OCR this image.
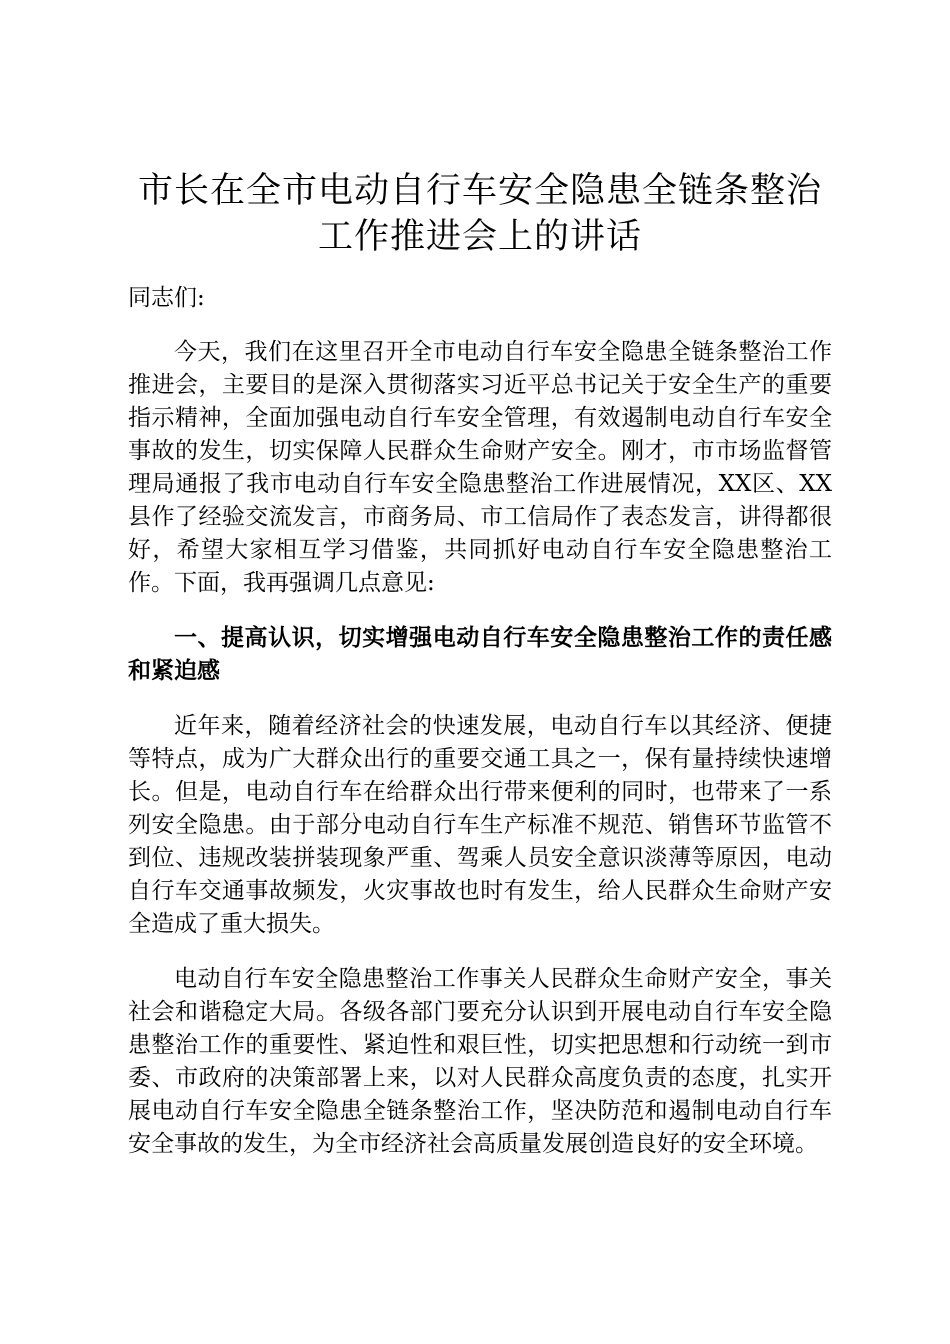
市长在全市电动自行车安全隐患全链条整治工作推进会上的讲话

同志们:

今天，我们在这里召开全市电动自行车安全隐患全链条整治工作推进会，主要目的是深入贯彻落实习近平总书记关于安全生产的重要指示精神，全面加强电动自行车安全管理，有效遏制电动自行车安全事故的发生，切实保障人民群众生命财产安全。刚才，市市场监督管理局通报了我市电动自行车安全隐患整治工作进展情况，XX区、XX县作了经验交流发言，市商务局、市工信局作了表态发言，讲得都很好，希望大家相互学习借鉴，共同抓好电动自行车安全隐患整治工作。下面，我再强调几点意见:

一、提高认识，切实增强电动自行车安全隐患整治工作的责任感和紧迫感

近年来，随着经济社会的快速发展，电动自行车以其经济、便捷等特点，成为广大群众出行的重要交通工具之一，保有量持续快速增长。但是，电动自行车在给群众出行带来便利的同时，也带来了一系列安全隐患。由于部分电动自行车生产标准不规范、销售环节监管不到位、违规改装拼装现象严重、驾乘人员安全意识淡薄等原因，电动自行车交通事故频发，火灾事故也时有发生，给人民群众生命财产安全造成了重大损失。

电动自行车安全隐患整治工作事关人民群众生命财产安全，事关社会和谐稳定大局。各级各部门要充分认识到开展电动自行车安全隐患整治工作的重要性、紧迫性和艰巨性，切实把思想和行动统一到市委、市政府的决策部署上来，以对人民群众高度负责的态度，扎实开展电动自行车安全隐患全链条整治工作，坚决防范和遏制电动自行车安全事故的发生，为全市经济社会高质量发展创造良好的安全环境。
